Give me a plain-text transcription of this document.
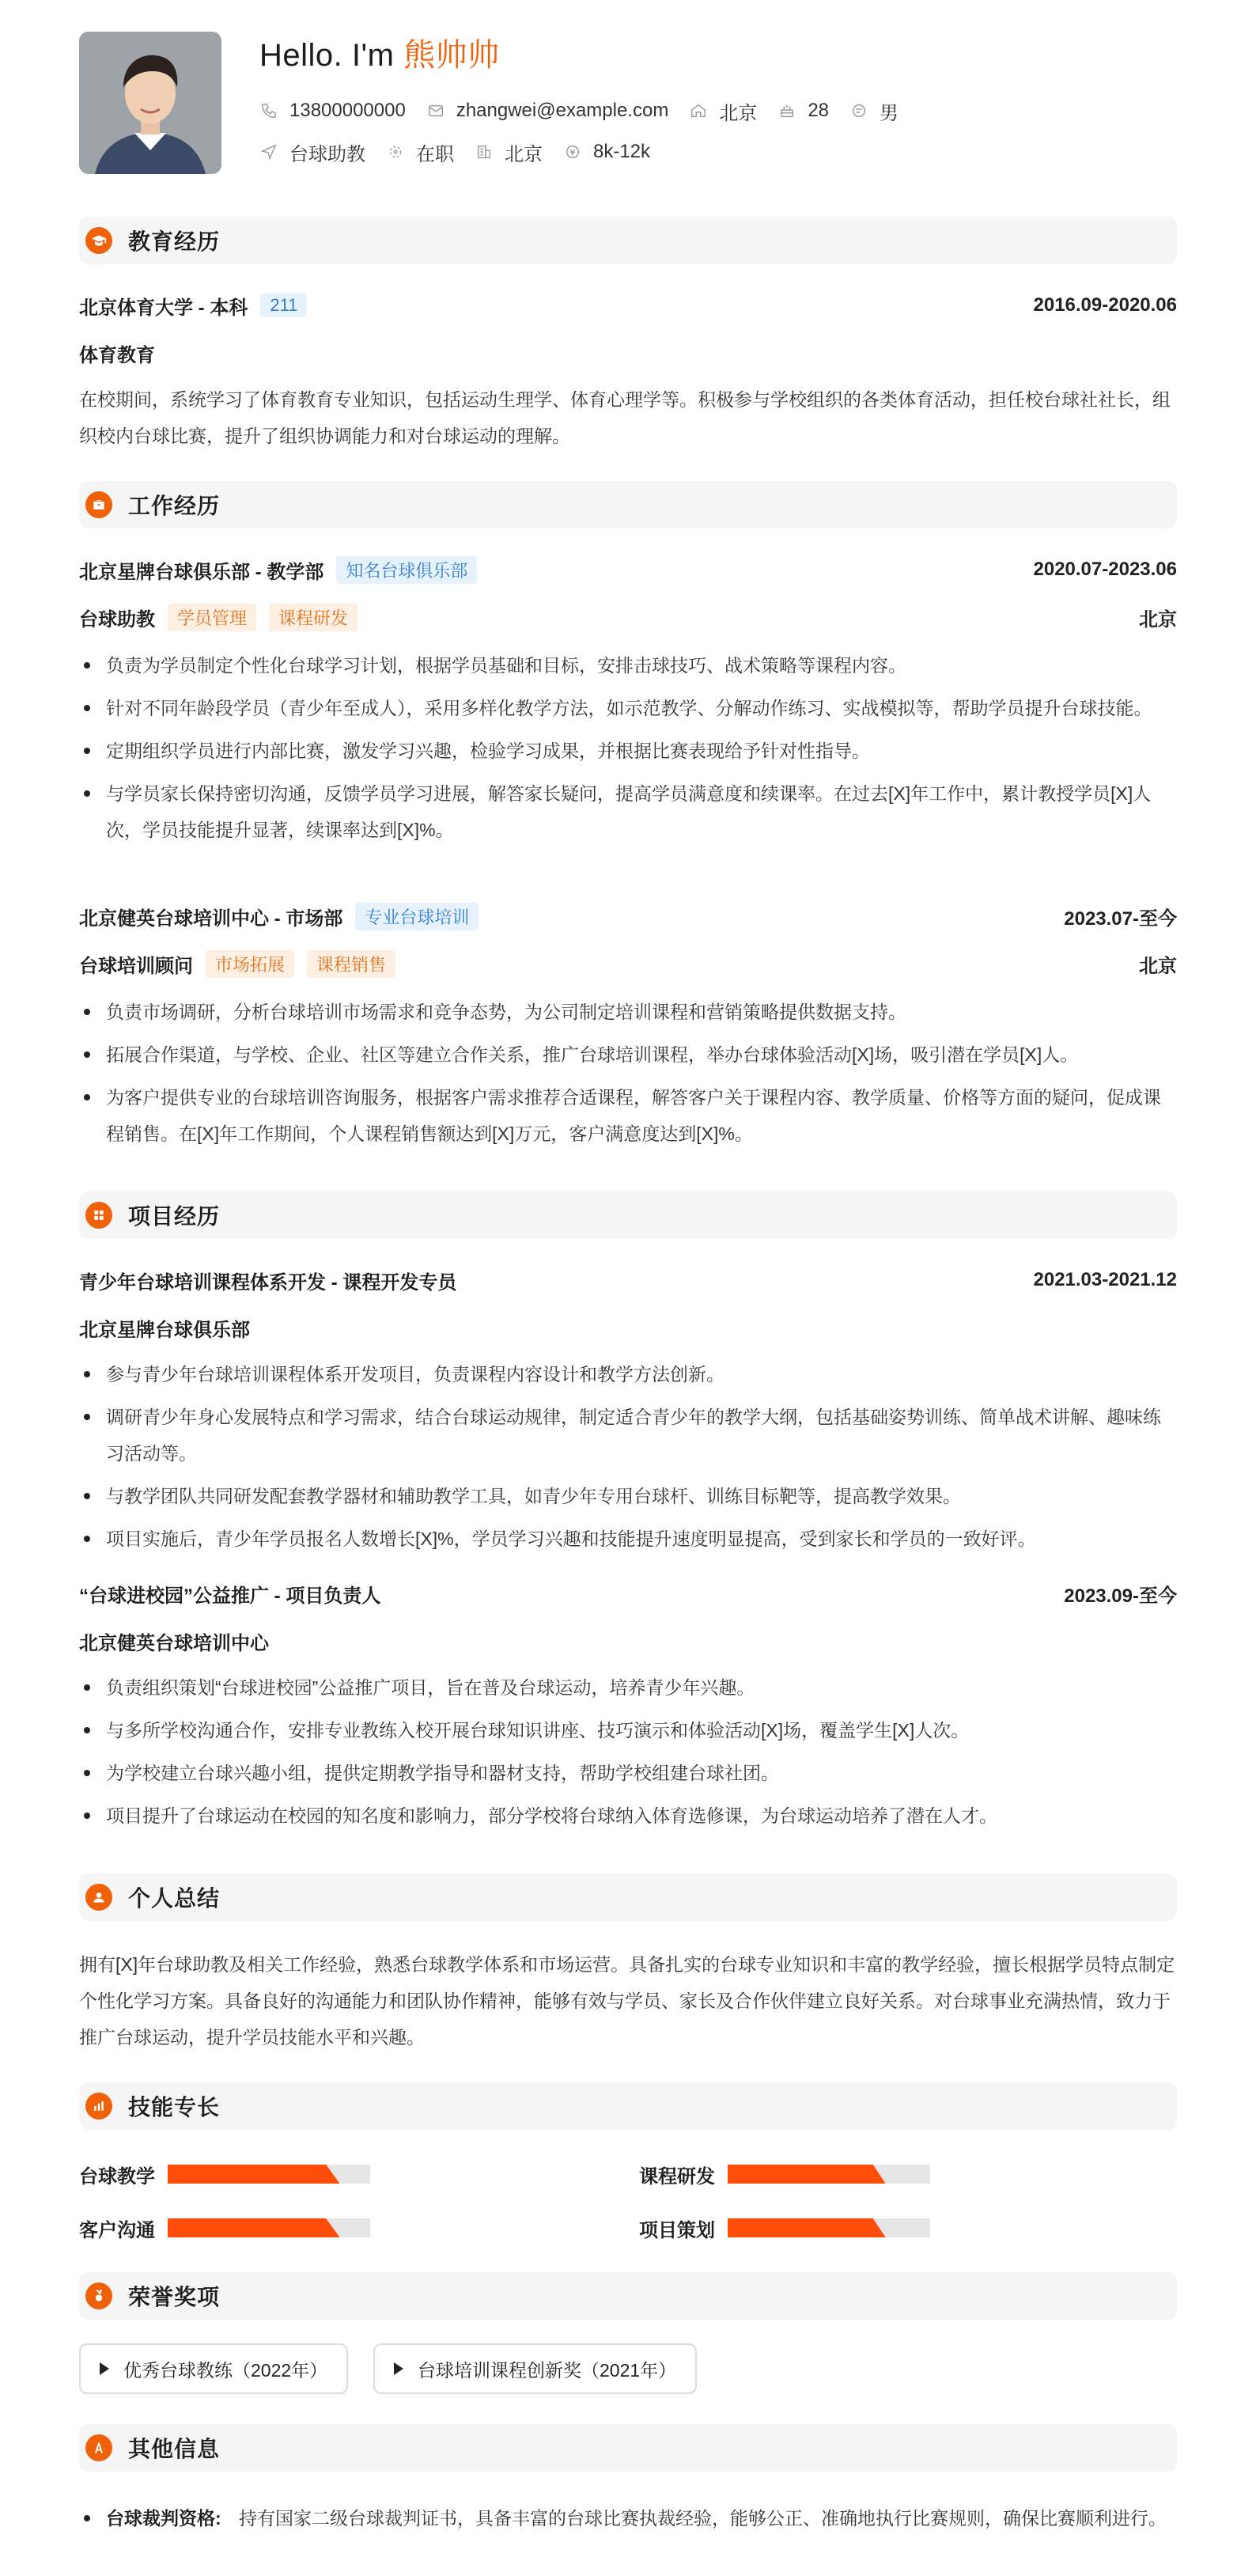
Hello. I'm 熊帅帅
13800000000	zhangwei@example.com	北京	28	男
台球助教	在职	北京	8k-12k
教育经历
北京体育大学 - 本科	211	2016.09-2020.06
体育教育
在校期间，系统学习了体育教育专业知识，包括运动生理学、体育心理学等。积极参与学校组织的各类体育活动，担任校台球社社长，组织校内台球比赛，提升了组织协调能力和对台球运动的理解。
工作经历
北京星牌台球俱乐部 - 教学部	知名台球俱乐部	2020.07-2023.06
台球助教	学员管理	课程研发	北京
负责为学员制定个性化台球学习计划，根据学员基础和目标，安排击球技巧、战术策略等课程内容。
针对不同年龄段学员（青少年至成人），采用多样化教学方法，如示范教学、分解动作练习、实战模拟等，帮助学员提升台球技能。
定期组织学员进行内部比赛，激发学习兴趣，检验学习成果，并根据比赛表现给予针对性指导。
与学员家长保持密切沟通，反馈学员学习进展，解答家长疑问，提高学员满意度和续课率。在过去[X]年工作中，累计教授学员[X]人次，学员技能提升显著，续课率达到[X]%。
北京健英台球培训中心 - 市场部	专业台球培训	2023.07-至今
台球培训顾问	市场拓展	课程销售	北京
负责市场调研，分析台球培训市场需求和竞争态势，为公司制定培训课程和营销策略提供数据支持。
拓展合作渠道，与学校、企业、社区等建立合作关系，推广台球培训课程，举办台球体验活动[X]场，吸引潜在学员[X]人。
为客户提供专业的台球培训咨询服务，根据客户需求推荐合适课程，解答客户关于课程内容、教学质量、价格等方面的疑问，促成课程销售。在[X]年工作期间，个人课程销售额达到[X]万元，客户满意度达到[X]%。
项目经历
青少年台球培训课程体系开发 - 课程开发专员	2021.03-2021.12
北京星牌台球俱乐部
参与青少年台球培训课程体系开发项目，负责课程内容设计和教学方法创新。
调研青少年身心发展特点和学习需求，结合台球运动规律，制定适合青少年的教学大纲，包括基础姿势训练、简单战术讲解、趣味练习活动等。
与教学团队共同研发配套教学器材和辅助教学工具，如青少年专用台球杆、训练目标靶等，提高教学效果。
项目实施后，青少年学员报名人数增长[X]%，学员学习兴趣和技能提升速度明显提高，受到家长和学员的一致好评。
“台球进校园”公益推广 - 项目负责人	2023.09-至今
北京健英台球培训中心
负责组织策划“台球进校园”公益推广项目，旨在普及台球运动，培养青少年兴趣。
与多所学校沟通合作，安排专业教练入校开展台球知识讲座、技巧演示和体验活动[X]场，覆盖学生[X]人次。
为学校建立台球兴趣小组，提供定期教学指导和器材支持，帮助学校组建台球社团。
项目提升了台球运动在校园的知名度和影响力，部分学校将台球纳入体育选修课，为台球运动培养了潜在人才。
个人总结
拥有[X]年台球助教及相关工作经验，熟悉台球教学体系和市场运营。具备扎实的台球专业知识和丰富的教学经验，擅长根据学员特点制定个性化学习方案。具备良好的沟通能力和团队协作精神，能够有效与学员、家长及合作伙伴建立良好关系。对台球事业充满热情，致力于推广台球运动，提升学员技能水平和兴趣。
技能专长
台球教学	课程研发
客户沟通	项目策划
荣誉奖项
优秀台球教练（2022年）	台球培训课程创新奖（2021年）
其他信息
台球裁判资格: 持有国家二级台球裁判证书，具备丰富的台球比赛执裁经验，能够公正、准确地执行比赛规则，确保比赛顺利进行。
